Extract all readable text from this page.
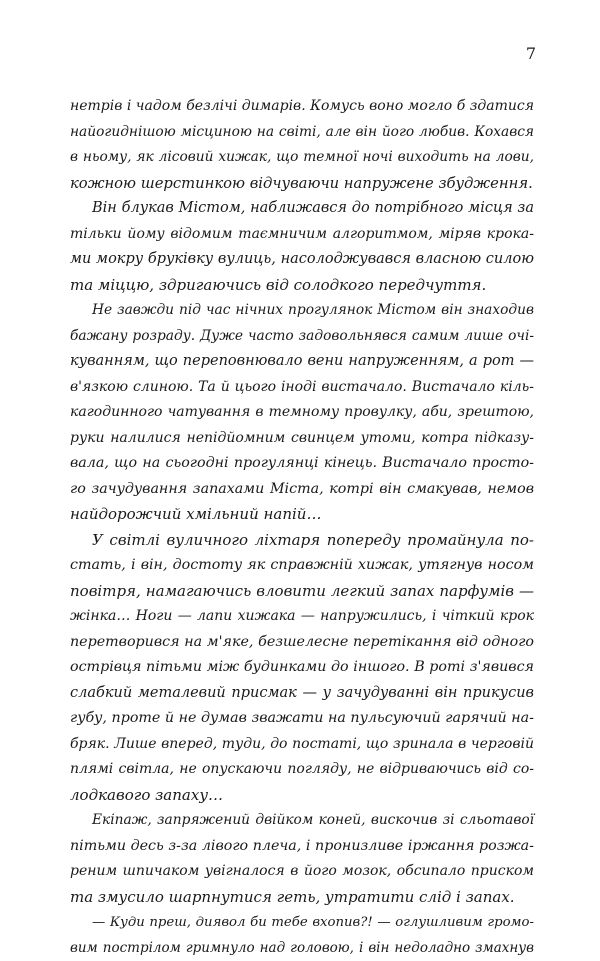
7
нетрів і чадом безлічі димарів. Комусь воно могло б здатися
найогиднішою місциною на світі, але він його любив. Кохався
в ньому, як лісовий хижак, що темної ночі виходить на лови,
кожною шерстинкою відчуваючи напружене збудження.
Він блукав Містом, наближався до потрібного місця за
тільки йому відомим таємничим алгоритмом, міряв крока-
ми мокру бруківку вулиць, насолоджувався власною силою
та міццю, здригаючись від солодкого передчуття.
Не завжди під час нічних прогулянок Містом він знаходив
бажану розраду. Дуже часто задовольнявся самим лише очі-
куванням, що переповнювало вени напруженням, а рот —
в'язкою слиною. Та й цього іноді вистачало. Вистачало кіль-
кагодинного чатування в темному провулку, аби, зрештою,
руки налилися непідйомним свинцем утоми, котра підказу-
вала, що на сьогодні прогулянці кінець. Вистачало просто-
го зачудування запахами Міста, котрі він смакував, немов
найдорожчий хмільний напій…
У світлі вуличного ліхтаря попереду промайнула по-
стать, і він, достоту як справжній хижак, утягнув носом
повітря, намагаючись вловити легкий запах парфумів —
жінка… Ноги — лапи хижака — напружились, і чіткий крок
перетворився на м'яке, безшелесне перетікання від одного
острівця пітьми між будинками до іншого. В роті з'явився
слабкий металевий присмак — у зачудуванні він прикусив
губу, проте й не думав зважати на пульсуючий гарячий на-
бряк. Лише вперед, туди, до постаті, що зринала в черговій
плямі світла, не опускаючи погляду, не відриваючись від со-
лодкавого запаху…
Екіпаж, запряжений двійком коней, вискочив зі сльотавої
пітьми десь з-за лівого плеча, і пронизливе іржання розжа-
реним шпичаком увігналося в його мозок, обсипало приском
та змусило шарпнутися геть, утратити слід і запах.
— Куди преш, диявол би тебе вхопив?! — оглушливим громо-
вим пострілом гримнуло над головою, і він недоладно змахнув
